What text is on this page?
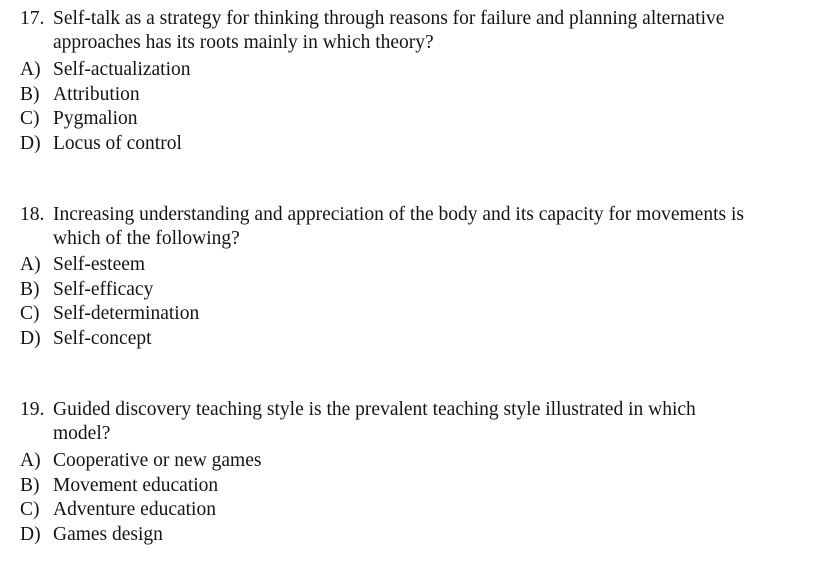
17. Self-talk as a strategy for thinking through reasons for failure and planning alternative
approaches has its roots mainly in which theory?
A) Self-actualization
B) Attribution
C) Pygmalion
D) Locus of control
18. Increasing understanding and appreciation of the body and its capacity for movements is
which of the following?
A) Self-esteem
B) Self-efficacy
C) Self-determination
D) Self-concept
19. Guided discovery teaching style is the prevalent teaching style illustrated in which
model?
A) Cooperative or new games
B) Movement education
C) Adventure education
D) Games design
